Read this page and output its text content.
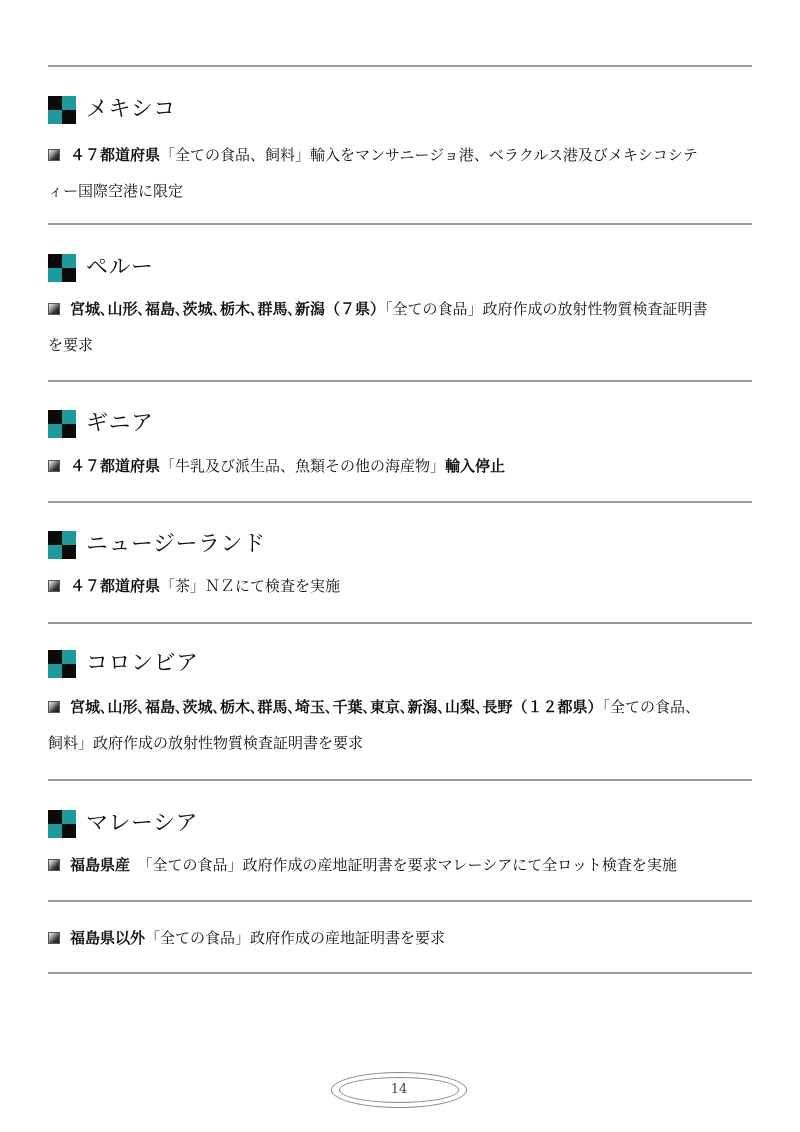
メキシコ
４７都道府県「全ての食品、飼料」輸入をマンサニージョ港、ベラクルス港及びメキシコシテ
ィー国際空港に限定
ペルー
宮城､山形､福島､茨城､栃木､群馬､新潟（７県）「全ての食品」政府作成の放射性物質検査証明書
を要求
ギニア
４７都道府県「牛乳及び派生品、魚類その他の海産物」輸入停止
ニュージーランド
４７都道府県「茶」ＮＺにて検査を実施
コロンビア
宮城､山形､福島､茨城､栃木､群馬､埼玉､千葉､東京､新潟､山梨､長野（１２都県）「全ての食品、
飼料」政府作成の放射性物質検査証明書を要求
マレーシア
福島県産　「全ての食品」政府作成の産地証明書を要求マレーシアにて全ロット検査を実施
福島県以外「全ての食品」政府作成の産地証明書を要求
14
